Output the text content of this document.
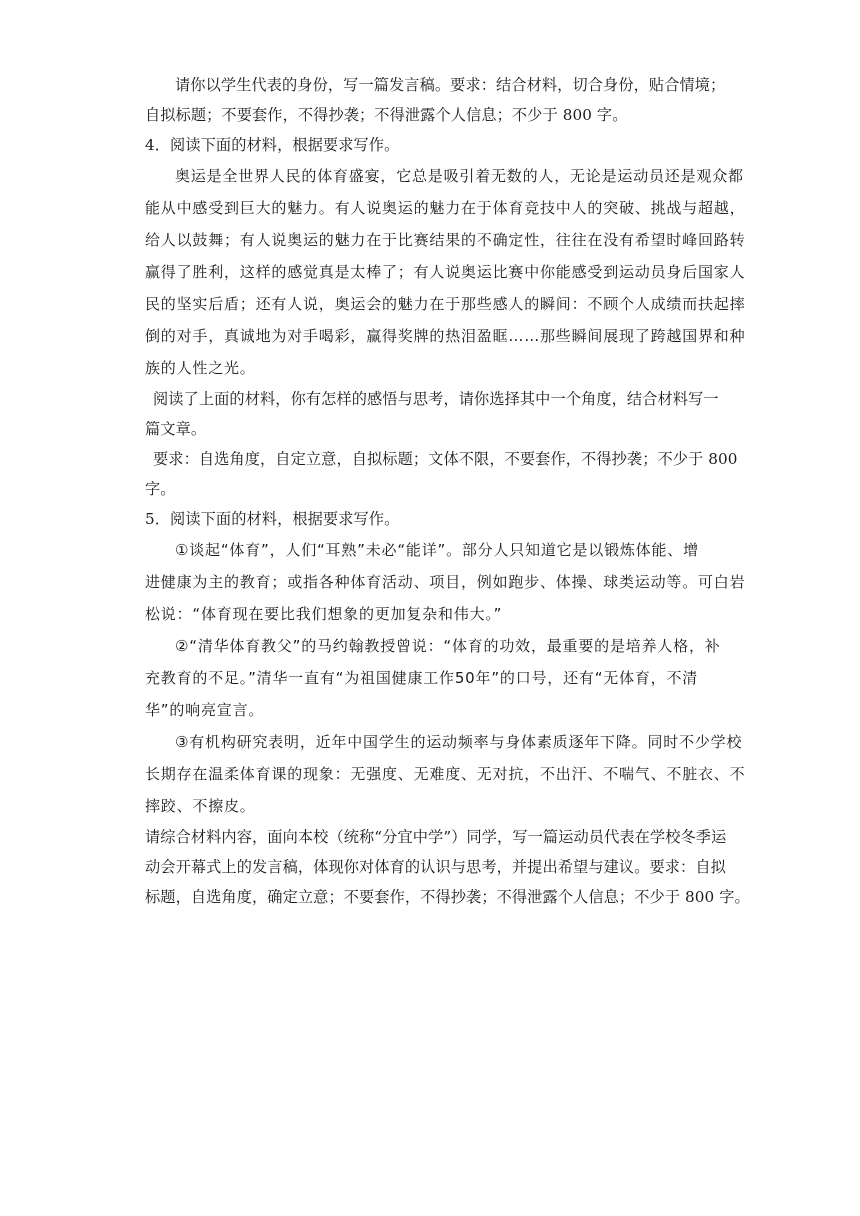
请你以学生代表的身份，写一篇发言稿。要求：结合材料，切合身份，贴合情境；
自拟标题；不要套作，不得抄袭；不得泄露个人信息；不少于 800 字。
4．阅读下面的材料，根据要求写作。
奥运是全世界人民的体育盛宴，它总是吸引着无数的人，无论是运动员还是观众都
能从中感受到巨大的魅力。有人说奥运的魅力在于体育竞技中人的突破、挑战与超越，
给人以鼓舞；有人说奥运的魅力在于比赛结果的不确定性，往往在没有希望时峰回路转
赢得了胜利，这样的感觉真是太棒了；有人说奥运比赛中你能感受到运动员身后国家人
民的坚实后盾；还有人说，奥运会的魅力在于那些感人的瞬间：不顾个人成绩而扶起摔
倒的对手，真诚地为对手喝彩，赢得奖牌的热泪盈眶……那些瞬间展现了跨越国界和种
族的人性之光。
阅读了上面的材料，你有怎样的感悟与思考，请你选择其中一个角度，结合材料写一
篇文章。
要求：自选角度，自定立意，自拟标题；文体不限，不要套作，不得抄袭；不少于 800
字。
5．阅读下面的材料，根据要求写作。
①谈起“体育”，人们“耳熟”未必“能详”。部分人只知道它是以锻炼体能、增
进健康为主的教育；或指各种体育活动、项目，例如跑步、体操、球类运动等。可白岩
松说：“体育现在要比我们想象的更加复杂和伟大。”
②“清华体育教父”的马约翰教授曾说：“体育的功效，最重要的是培养人格，补
充教育的不足。”清华一直有“为祖国健康工作50年”的口号，还有“无体育，不清
华”的响亮宣言。
③有机构研究表明，近年中国学生的运动频率与身体素质逐年下降。同时不少学校
长期存在温柔体育课的现象：无强度、无难度、无对抗，不出汗、不喘气、不脏衣、不
摔跤、不擦皮。
请综合材料内容，面向本校（统称“分宜中学”）同学，写一篇运动员代表在学校冬季运
动会开幕式上的发言稿，体现你对体育的认识与思考，并提出希望与建议。要求：自拟
标题，自选角度，确定立意；不要套作，不得抄袭；不得泄露个人信息；不少于 800 字。
